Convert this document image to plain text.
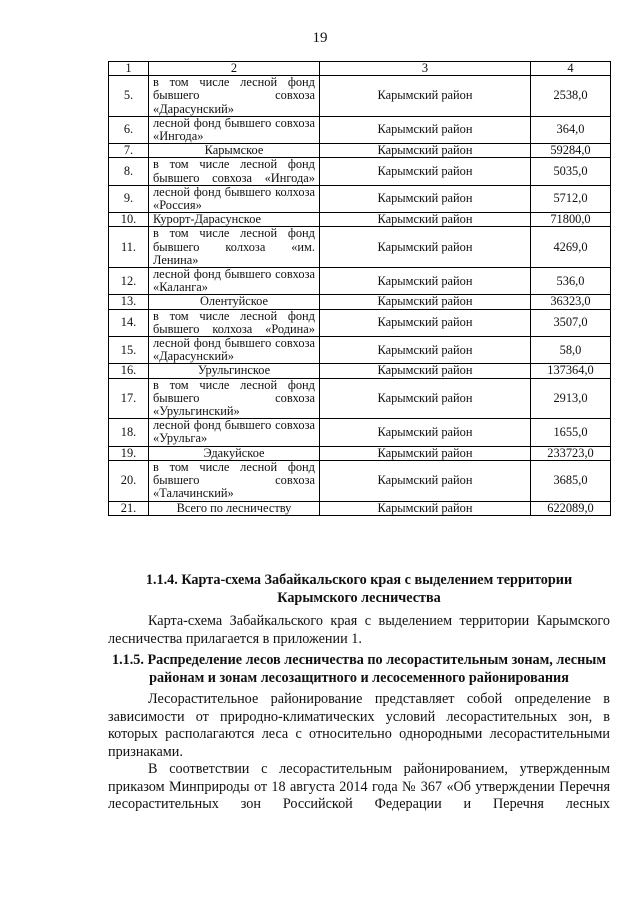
19
1	2	3	4
5.	в том числе лесной фонд бывшего совхоза «Дарасунский»	Карымский район	2538,0
6.	лесной фонд бывшего совхоза «Ингода»	Карымский район	364,0
7.	Карымское	Карымский район	59284,0
8.	в том числе лесной фонд бывшего совхоза «Ингода»	Карымский район	5035,0
9.	лесной фонд бывшего колхоза «Россия»	Карымский район	5712,0
10.	Курорт-Дарасунское	Карымский район	71800,0
11.	в том числе лесной фонд бывшего колхоза «им. Ленина»	Карымский район	4269,0
12.	лесной фонд бывшего совхоза «Каланга»	Карымский район	536,0
13.	Олентуйское	Карымский район	36323,0
14.	в том числе лесной фонд бывшего колхоза «Родина»	Карымский район	3507,0
15.	лесной фонд бывшего совхоза «Дарасунский»	Карымский район	58,0
16.	Урульгинское	Карымский район	137364,0
17.	в том числе лесной фонд бывшего совхоза «Урульгинский»	Карымский район	2913,0
18.	лесной фонд бывшего совхоза «Урульга»	Карымский район	1655,0
19.	Эдакуйское	Карымский район	233723,0
20.	в том числе лесной фонд бывшего совхоза «Талачинский»	Карымский район	3685,0
21.	Всего по лесничеству	Карымский район	622089,0
1.1.4. Карта-схема Забайкальского края с выделением территории Карымского лесничества
Карта-схема Забайкальского края с выделением территории Карымского лесничества прилагается в приложении 1.
1.1.5. Распределение лесов лесничества по лесорастительным зонам, лесным районам и зонам лесозащитного и лесосеменного районирования
Лесорастительное районирование представляет собой определение в зависимости от природно-климатических условий лесорастительных зон, в которых располагаются леса с относительно однородными лесорастительными признаками.
В соответствии с лесорастительным районированием, утвержденным приказом Минприроды от 18 августа 2014 года № 367 «Об утверждении Перечня лесорастительных зон Российской Федерации и Перечня лесных
